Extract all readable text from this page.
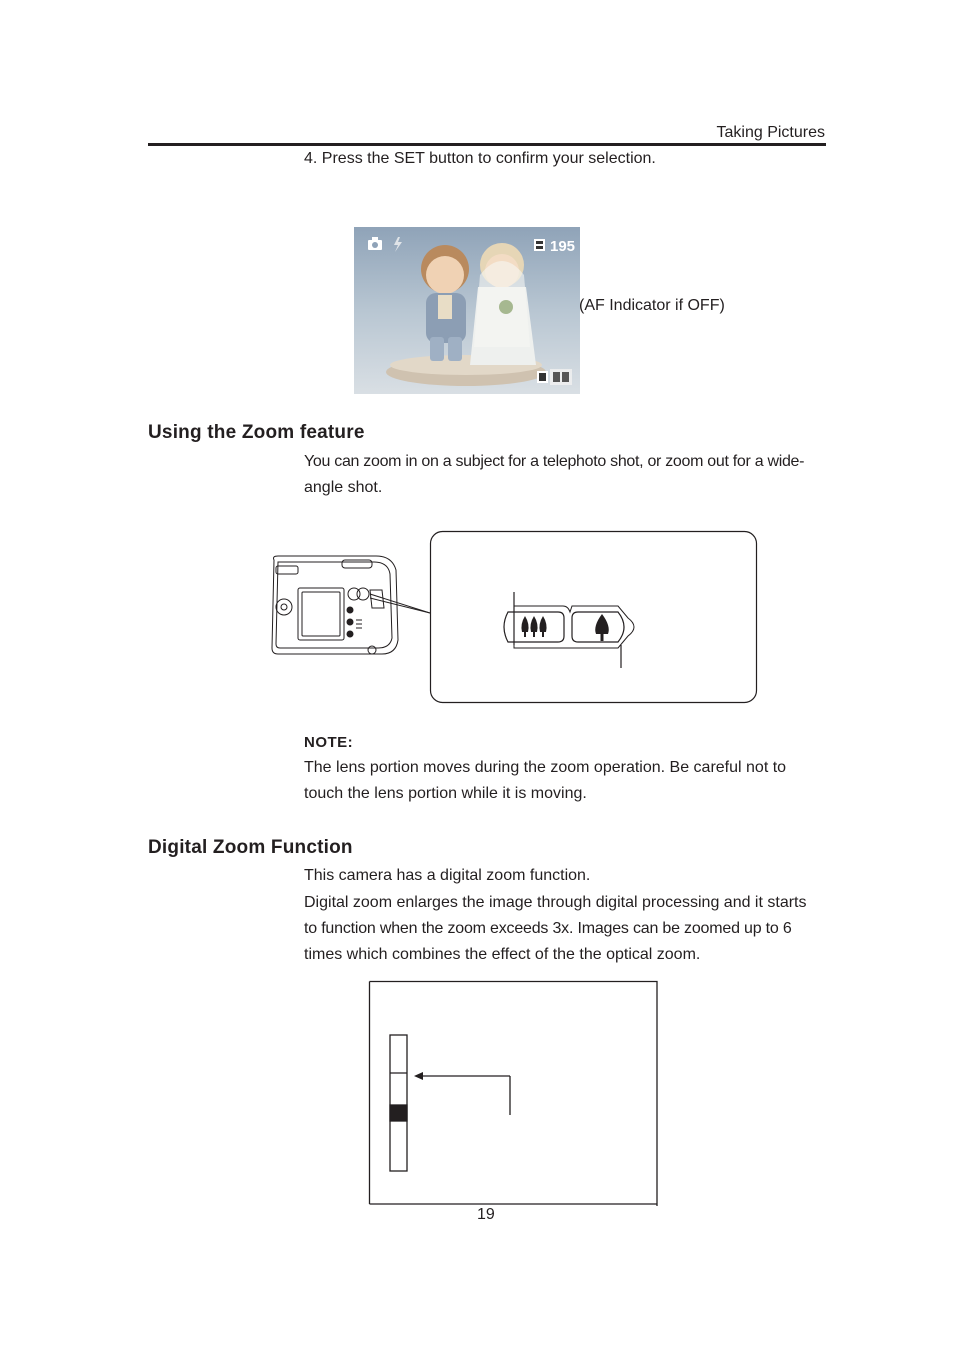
Taking Pictures
4. Press the SET button to confirm your selection.
195
(AF Indicator if OFF)
Using the Zoom feature
You can zoom in on a subject for a telephoto shot, or zoom out for a wide-
angle shot.
NOTE:
The lens portion moves during the zoom operation. Be careful not to
touch the lens portion while it is moving.
Digital Zoom Function
This camera has a digital zoom function.
Digital zoom enlarges the image through digital processing and it starts
to function when the zoom exceeds 3x. Images can be zoomed up to 6
times which combines the effect of the the optical zoom.
19
